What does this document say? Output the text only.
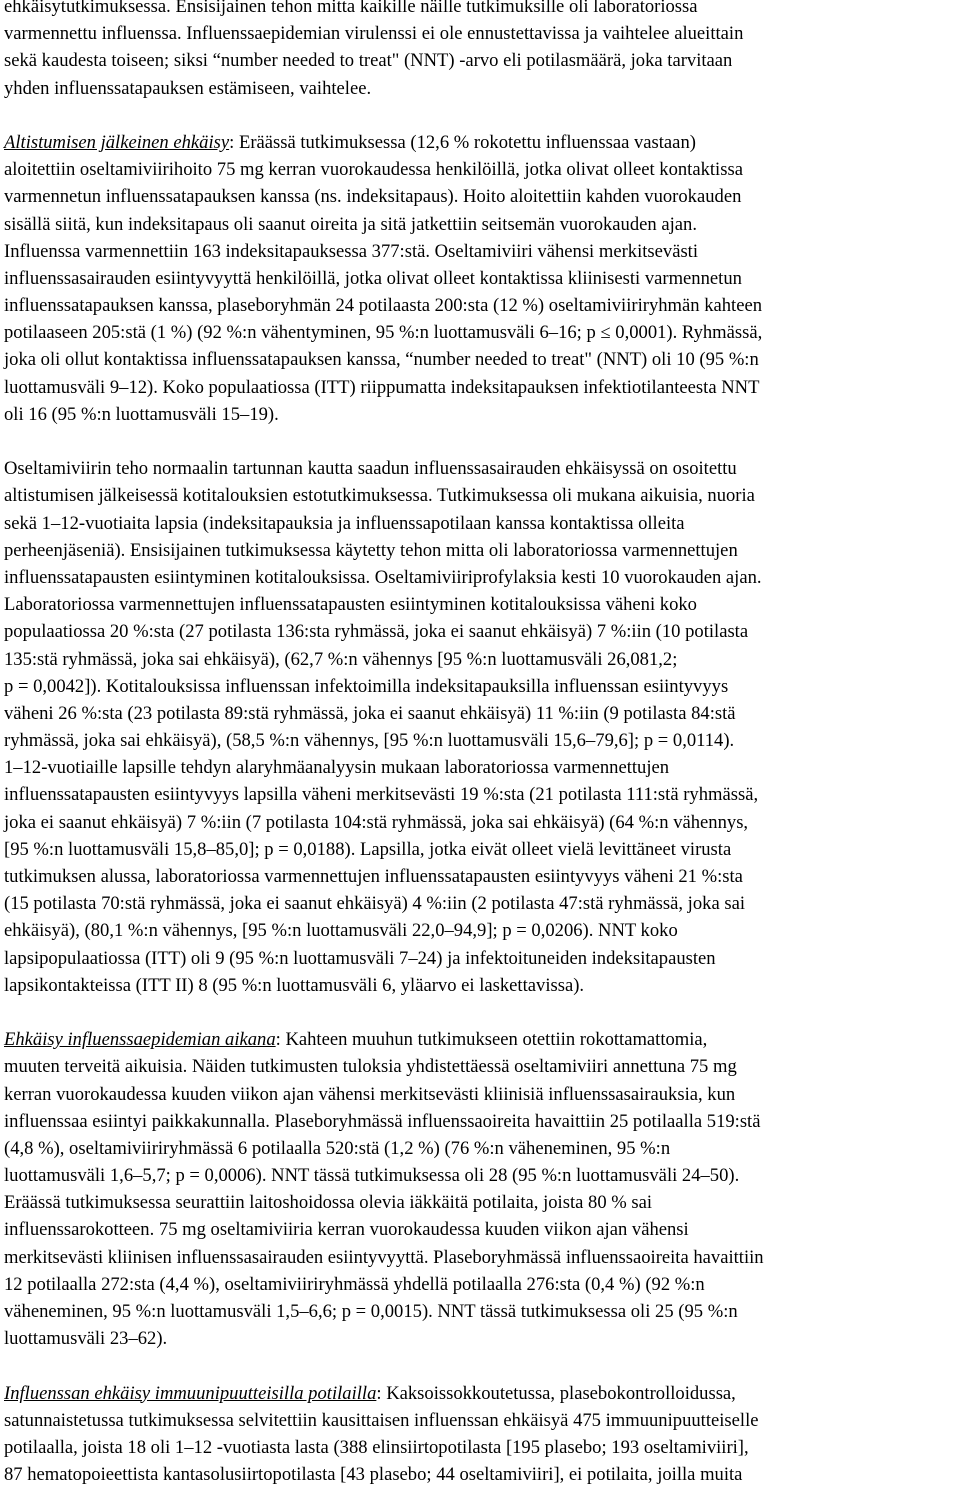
ehkäisytutkimuksessa. Ensisijainen tehon mitta kaikille näille tutkimuksille oli laboratoriossa
varmennettu influenssa. Influenssaepidemian virulenssi ei ole ennustettavissa ja vaihtelee alueittain
sekä kaudesta toiseen; siksi “number needed to treat" (NNT) -arvo eli potilasmäärä, joka tarvitaan
yhden influenssatapauksen estämiseen, vaihtelee.
Altistumisen jälkeinen ehkäisy: Eräässä tutkimuksessa (12,6 % rokotettu influenssaa vastaan)
aloitettiin oseltamiviirihoito 75 mg kerran vuorokaudessa henkilöillä, jotka olivat olleet kontaktissa
varmennetun influenssatapauksen kanssa (ns. indeksitapaus). Hoito aloitettiin kahden vuorokauden
sisällä siitä, kun indeksitapaus oli saanut oireita ja sitä jatkettiin seitsemän vuorokauden ajan.
Influenssa varmennettiin 163 indeksitapauksessa 377:stä. Oseltamiviiri vähensi merkitsevästi
influenssasairauden esiintyvyyttä henkilöillä, jotka olivat olleet kontaktissa kliinisesti varmennetun
influenssatapauksen kanssa, plaseboryhmän 24 potilaasta 200:sta (12 %) oseltamiviiriryhmän kahteen
potilaaseen 205:stä (1 %) (92 %:n vähentyminen, 95 %:n luottamusväli 6–16; p ≤ 0,0001). Ryhmässä,
joka oli ollut kontaktissa influenssatapauksen kanssa, “number needed to treat" (NNT) oli 10 (95 %:n
luottamusväli 9–12). Koko populaatiossa (ITT) riippumatta indeksitapauksen infektiotilanteesta NNT
oli 16 (95 %:n luottamusväli 15–19).
Oseltamiviirin teho normaalin tartunnan kautta saadun influenssasairauden ehkäisyssä on osoitettu
altistumisen jälkeisessä kotitalouksien estotutkimuksessa. Tutkimuksessa oli mukana aikuisia, nuoria
sekä 1–12-vuotiaita lapsia (indeksitapauksia ja influenssapotilaan kanssa kontaktissa olleita
perheenjäseniä). Ensisijainen tutkimuksessa käytetty tehon mitta oli laboratoriossa varmennettujen
influenssatapausten esiintyminen kotitalouksissa. Oseltamiviiriprofylaksia kesti 10 vuorokauden ajan.
Laboratoriossa varmennettujen influenssatapausten esiintyminen kotitalouksissa väheni koko
populaatiossa 20 %:sta (27 potilasta 136:sta ryhmässä, joka ei saanut ehkäisyä) 7 %:iin (10 potilasta
135:stä ryhmässä, joka sai ehkäisyä), (62,7 %:n vähennys [95 %:n luottamusväli 26,081,2;
p = 0,0042]). Kotitalouksissa influenssan infektoimilla indeksitapauksilla influenssan esiintyvyys
väheni 26 %:sta (23 potilasta 89:stä ryhmässä, joka ei saanut ehkäisyä) 11 %:iin (9 potilasta 84:stä
ryhmässä, joka sai ehkäisyä), (58,5 %:n vähennys, [95 %:n luottamusväli 15,6–79,6]; p = 0,0114).
1–12-vuotiaille lapsille tehdyn alaryhmäanalyysin mukaan laboratoriossa varmennettujen
influenssatapausten esiintyvyys lapsilla väheni merkitsevästi 19 %:sta (21 potilasta 111:stä ryhmässä,
joka ei saanut ehkäisyä) 7 %:iin (7 potilasta 104:stä ryhmässä, joka sai ehkäisyä) (64 %:n vähennys,
[95 %:n luottamusväli 15,8–85,0]; p = 0,0188). Lapsilla, jotka eivät olleet vielä levittäneet virusta
tutkimuksen alussa, laboratoriossa varmennettujen influenssatapausten esiintyvyys väheni 21 %:sta
(15 potilasta 70:stä ryhmässä, joka ei saanut ehkäisyä) 4 %:iin (2 potilasta 47:stä ryhmässä, joka sai
ehkäisyä), (80,1 %:n vähennys, [95 %:n luottamusväli 22,0–94,9]; p = 0,0206). NNT koko
lapsipopulaatiossa (ITT) oli 9 (95 %:n luottamusväli 7–24) ja infektoituneiden indeksitapausten
lapsikontakteissa (ITT II) 8 (95 %:n luottamusväli 6, yläarvo ei laskettavissa).
Ehkäisy influenssaepidemian aikana: Kahteen muuhun tutkimukseen otettiin rokottamattomia,
muuten terveitä aikuisia. Näiden tutkimusten tuloksia yhdistettäessä oseltamiviiri annettuna 75 mg
kerran vuorokaudessa kuuden viikon ajan vähensi merkitsevästi kliinisiä influenssasairauksia, kun
influenssaa esiintyi paikkakunnalla. Plaseboryhmässä influenssaoireita havaittiin 25 potilaalla 519:stä
(4,8 %), oseltamiviiriryhmässä 6 potilaalla 520:stä (1,2 %) (76 %:n väheneminen, 95 %:n
luottamusväli 1,6–5,7; p = 0,0006). NNT tässä tutkimuksessa oli 28 (95 %:n luottamusväli 24–50).
Eräässä tutkimuksessa seurattiin laitoshoidossa olevia iäkkäitä potilaita, joista 80 % sai
influenssarokotteen. 75 mg oseltamiviiria kerran vuorokaudessa kuuden viikon ajan vähensi
merkitsevästi kliinisen influenssasairauden esiintyvyyttä. Plaseboryhmässä influenssaoireita havaittiin
12 potilaalla 272:sta (4,4 %), oseltamiviiriryhmässä yhdellä potilaalla 276:sta (0,4 %) (92 %:n
väheneminen, 95 %:n luottamusväli 1,5–6,6; p = 0,0015). NNT tässä tutkimuksessa oli 25 (95 %:n
luottamusväli 23–62).
Influenssan ehkäisy immuunipuutteisilla potilailla: Kaksoissokkoutetussa, plasebokontrolloidussa,
satunnaistetussa tutkimuksessa selvitettiin kausittaisen influenssan ehkäisyä 475 immuunipuutteiselle
potilaalla, joista 18 oli 1–12 -vuotiasta lasta (388 elinsiirtopotilasta [195 plasebo; 193 oseltamiviiri],
87 hematopoieettista kantasolusiirtopotilasta [43 plasebo; 44 oseltamiviiri], ei potilaita, joilla muita
